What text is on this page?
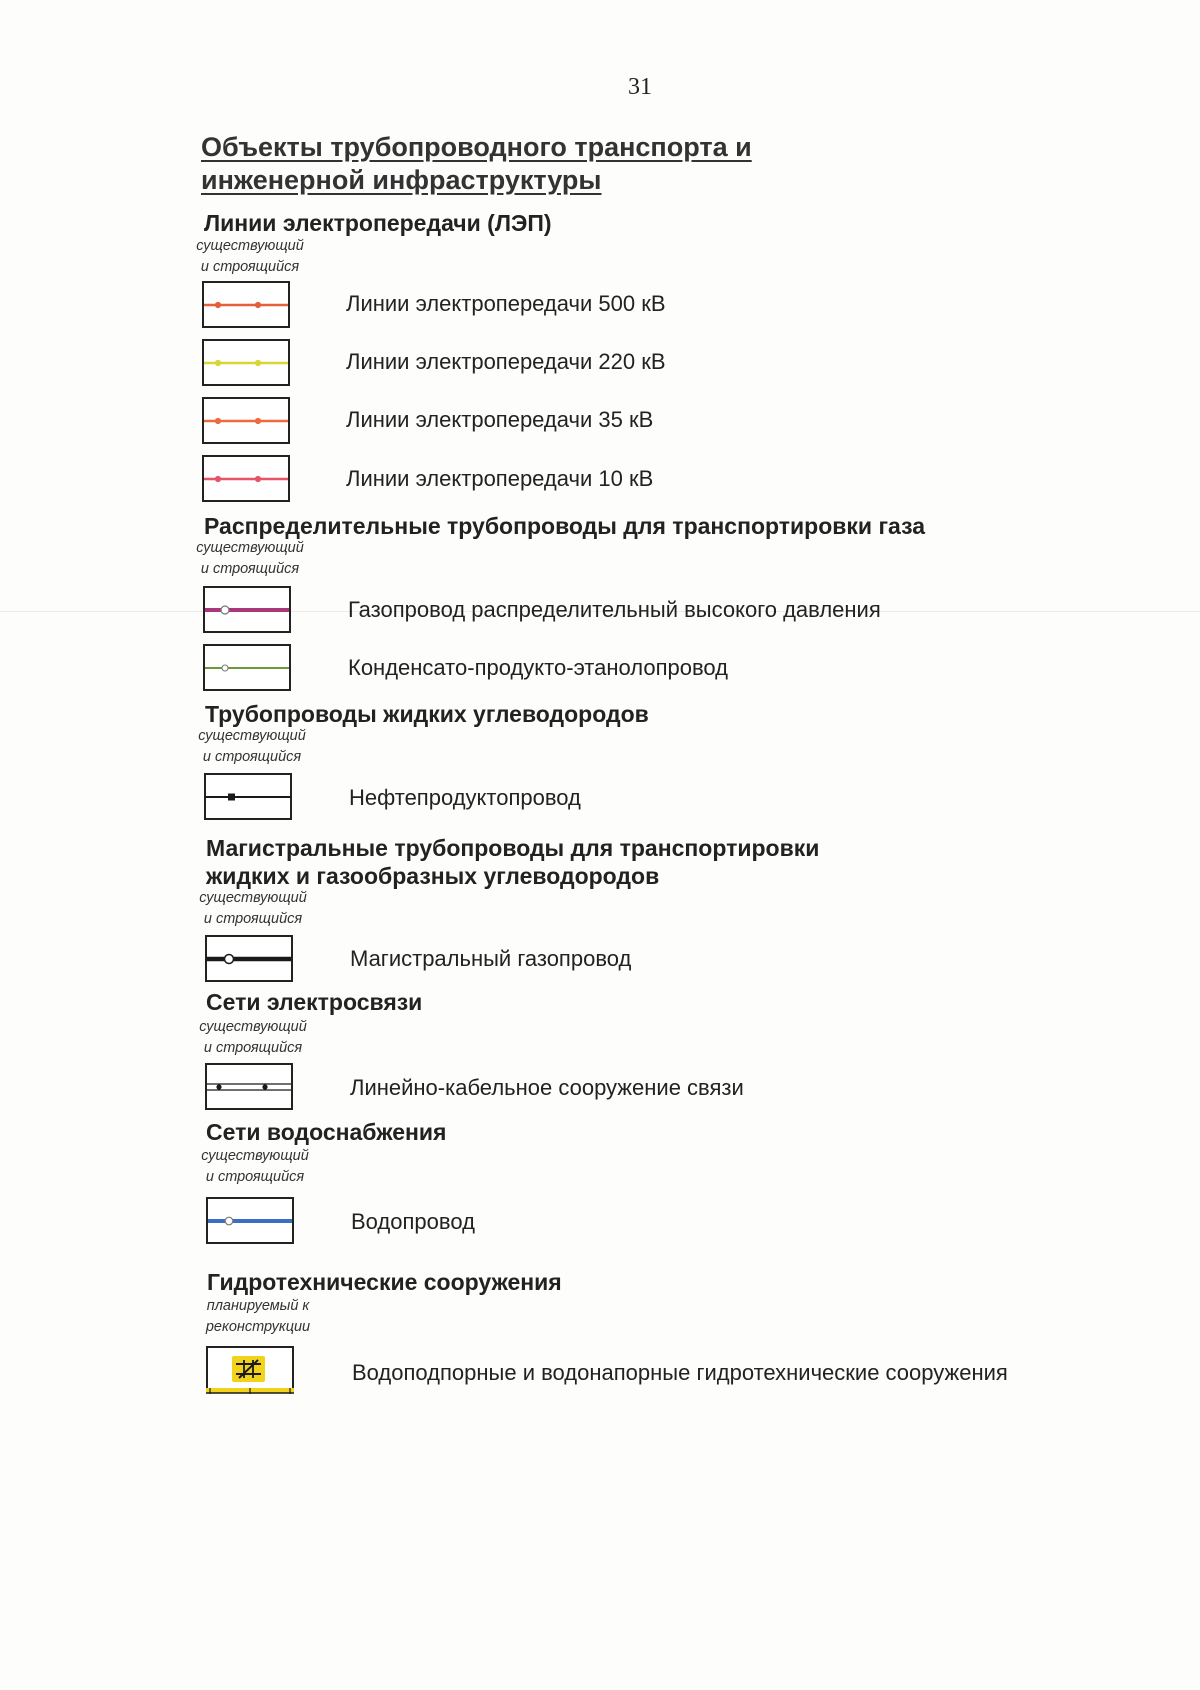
31
Объекты трубопроводного транспорта и
инженерной инфраструктуры
Линии электропередачи (ЛЭП)
существующий
и строящийся
Линии электропередачи 500 кВ
Линии электропередачи 220 кВ
Линии электропередачи 35 кВ
Линии электропередачи 10 кВ
Распределительные трубопроводы для транспортировки газа
существующий
и строящийся
Газопровод распределительный высокого давления
Конденсато-продукто-этанолопровод
Трубопроводы жидких углеводородов
существующий
и строящийся
Нефтепродуктопровод
Магистральные трубопроводы для транспортировки
жидких и газообразных углеводородов
существующий
и строящийся
Магистральный газопровод
Сети электросвязи
существующий
и строящийся
Линейно-кабельное сооружение связи
Сети водоснабжения
существующий
и строящийся
Водопровод
Гидротехнические сооружения
планируемый к
реконструкции
Водоподпорные и водонапорные гидротехнические сооружения
